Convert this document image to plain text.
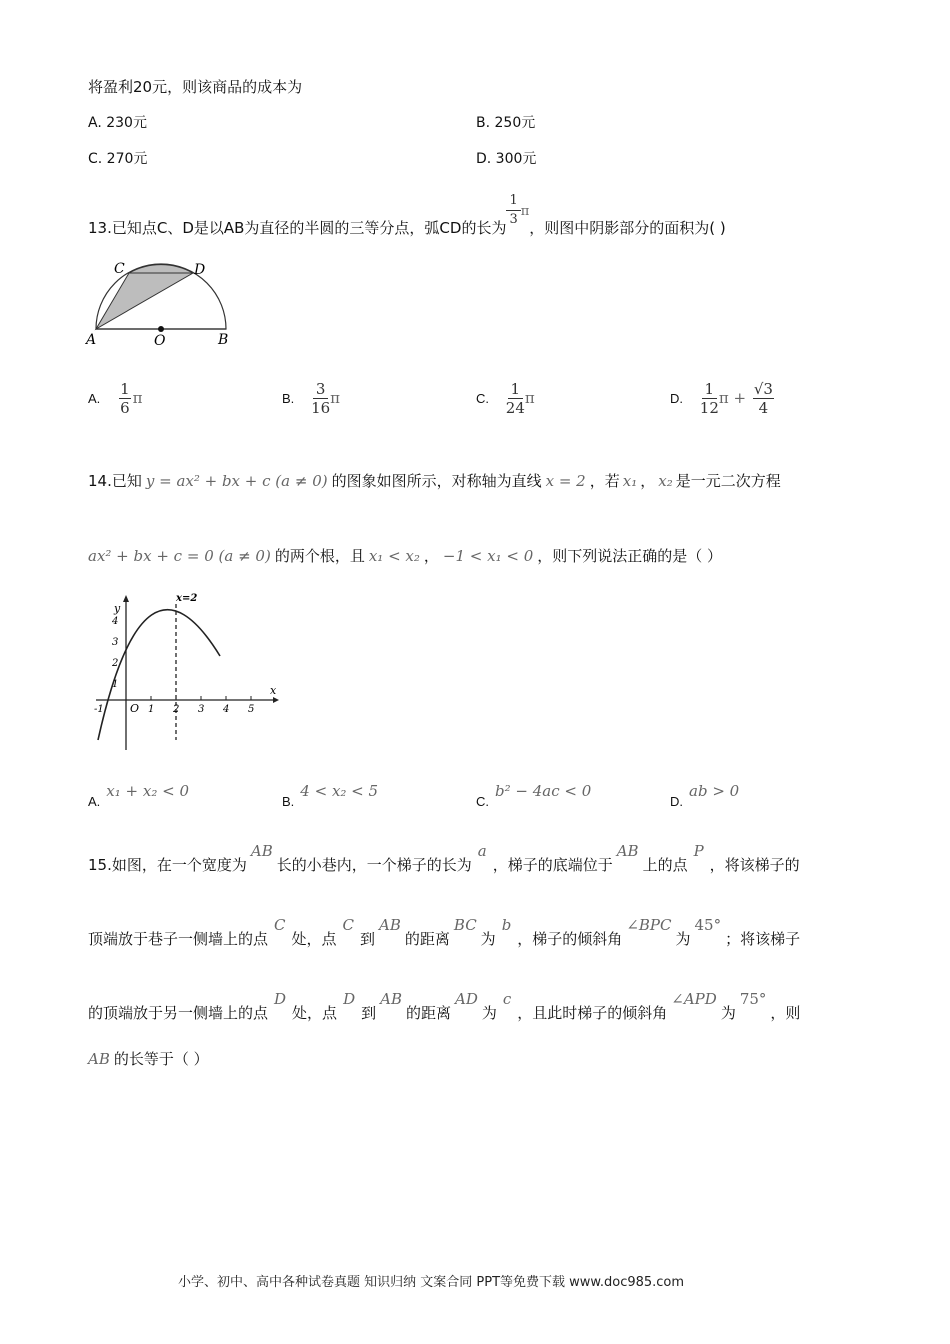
将盈利20元，则该商品的成本为
A. 230元	B. 250元
C. 270元	D. 300元
13.已知点C、D是以AB为直径的半圆的三等分点，弧CD的长为 $\frac{1}{3}$ π，则图中阴影部分的面积为( )
C	D
A	O	B
A. $\frac{1}{6}$ π	B. $\frac{3}{16}$ π	C. $\frac{1}{24}$ π	D. $\frac{1}{12}$ $\pi + \frac{√3}{4}$
14.已知 y = ax² + bx + c (a ≠ 0) 的图象如图所示，对称轴为直线 x = 2 ，若 x₁ ， x₂ 是一元二次方程
ax² + bx + c = 0 (a ≠ 0) 的两个根，且 x₁ < x₂ ， −1 < x₁ < 0 ，则下列说法正确的是（ ）
x=2
y
x
O
4
3
2
1
-1	1 2 3 4 5
A.x₁ + x₂ < 0
B.4 < x₂ < 5
C.b² − 4ac < 0
D.ab > 0
15.如图，在一个宽度为AB长的小巷内，一个梯子的长为a，梯子的底端位于AB上的点P，将该梯子的
顶端放于巷子一侧墙上的点C处，点C到AB的距离BC为b，梯子的倾斜角∠BPC为45°；将该梯子
的顶端放于另一侧墙上的点D处，点D到AB的距离AD为c，且此时梯子的倾斜角∠APD为75°，则
AB 的长等于（ ）
小学、初中、高中各种试卷真题 知识归纳 文案合同 PPT等免费下载 www.doc985.com
